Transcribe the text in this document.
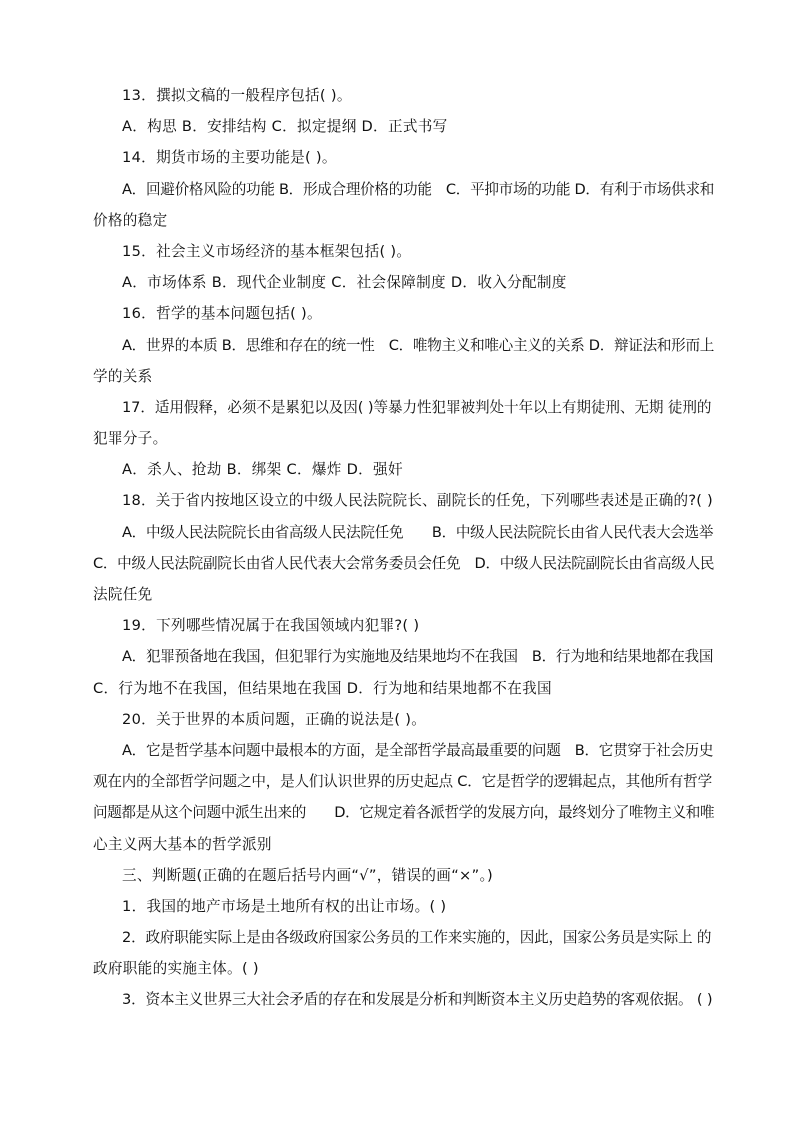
13．撰拟文稿的一般程序包括( )。
A．构思 B．安排结构 C．拟定提纲 D．正式书写
14．期货市场的主要功能是( )。
A．回避价格风险的功能 B．形成合理价格的功能　C．平抑市场的功能 D．有利于市场供求和
价格的稳定
15．社会主义市场经济的基本框架包括( )。
A．市场体系 B．现代企业制度 C．社会保障制度 D．收入分配制度
16．哲学的基本问题包括( )。
A．世界的本质 B．思维和存在的统一性　C．唯物主义和唯心主义的关系 D．辩证法和形而上
学的关系
17．适用假释，必须不是累犯以及因( )等暴力性犯罪被判处十年以上有期徒刑、无期 徒刑的
犯罪分子。
A．杀人、抢劫 B．绑架 C．爆炸 D．强奸
18．关于省内按地区设立的中级人民法院院长、副院长的任免，下列哪些表述是正确的?( )
A．中级人民法院院长由省高级人民法院任免　　B．中级人民法院院长由省人民代表大会选举
C．中级人民法院副院长由省人民代表大会常务委员会任免　D．中级人民法院副院长由省高级人民
法院任免
19．下列哪些情况属于在我国领域内犯罪?( )
A．犯罪预备地在我国，但犯罪行为实施地及结果地均不在我国　B．行为地和结果地都在我国
C．行为地不在我国，但结果地在我国 D．行为地和结果地都不在我国
20．关于世界的本质问题，正确的说法是( )。
A．它是哲学基本问题中最根本的方面，是全部哲学最高最重要的问题　B．它贯穿于社会历史
观在内的全部哲学问题之中，是人们认识世界的历史起点 C．它是哲学的逻辑起点，其他所有哲学
问题都是从这个问题中派生出来的　　D．它规定着各派哲学的发展方向，最终划分了唯物主义和唯
心主义两大基本的哲学派别
三、判断题(正确的在题后括号内画“√”，错误的画“×”。)
1．我国的地产市场是土地所有权的出让市场。( )
2．政府职能实际上是由各级政府国家公务员的工作来实施的，因此，国家公务员是实际上 的
政府职能的实施主体。( )
3．资本主义世界三大社会矛盾的存在和发展是分析和判断资本主义历史趋势的客观依据。 ( )
